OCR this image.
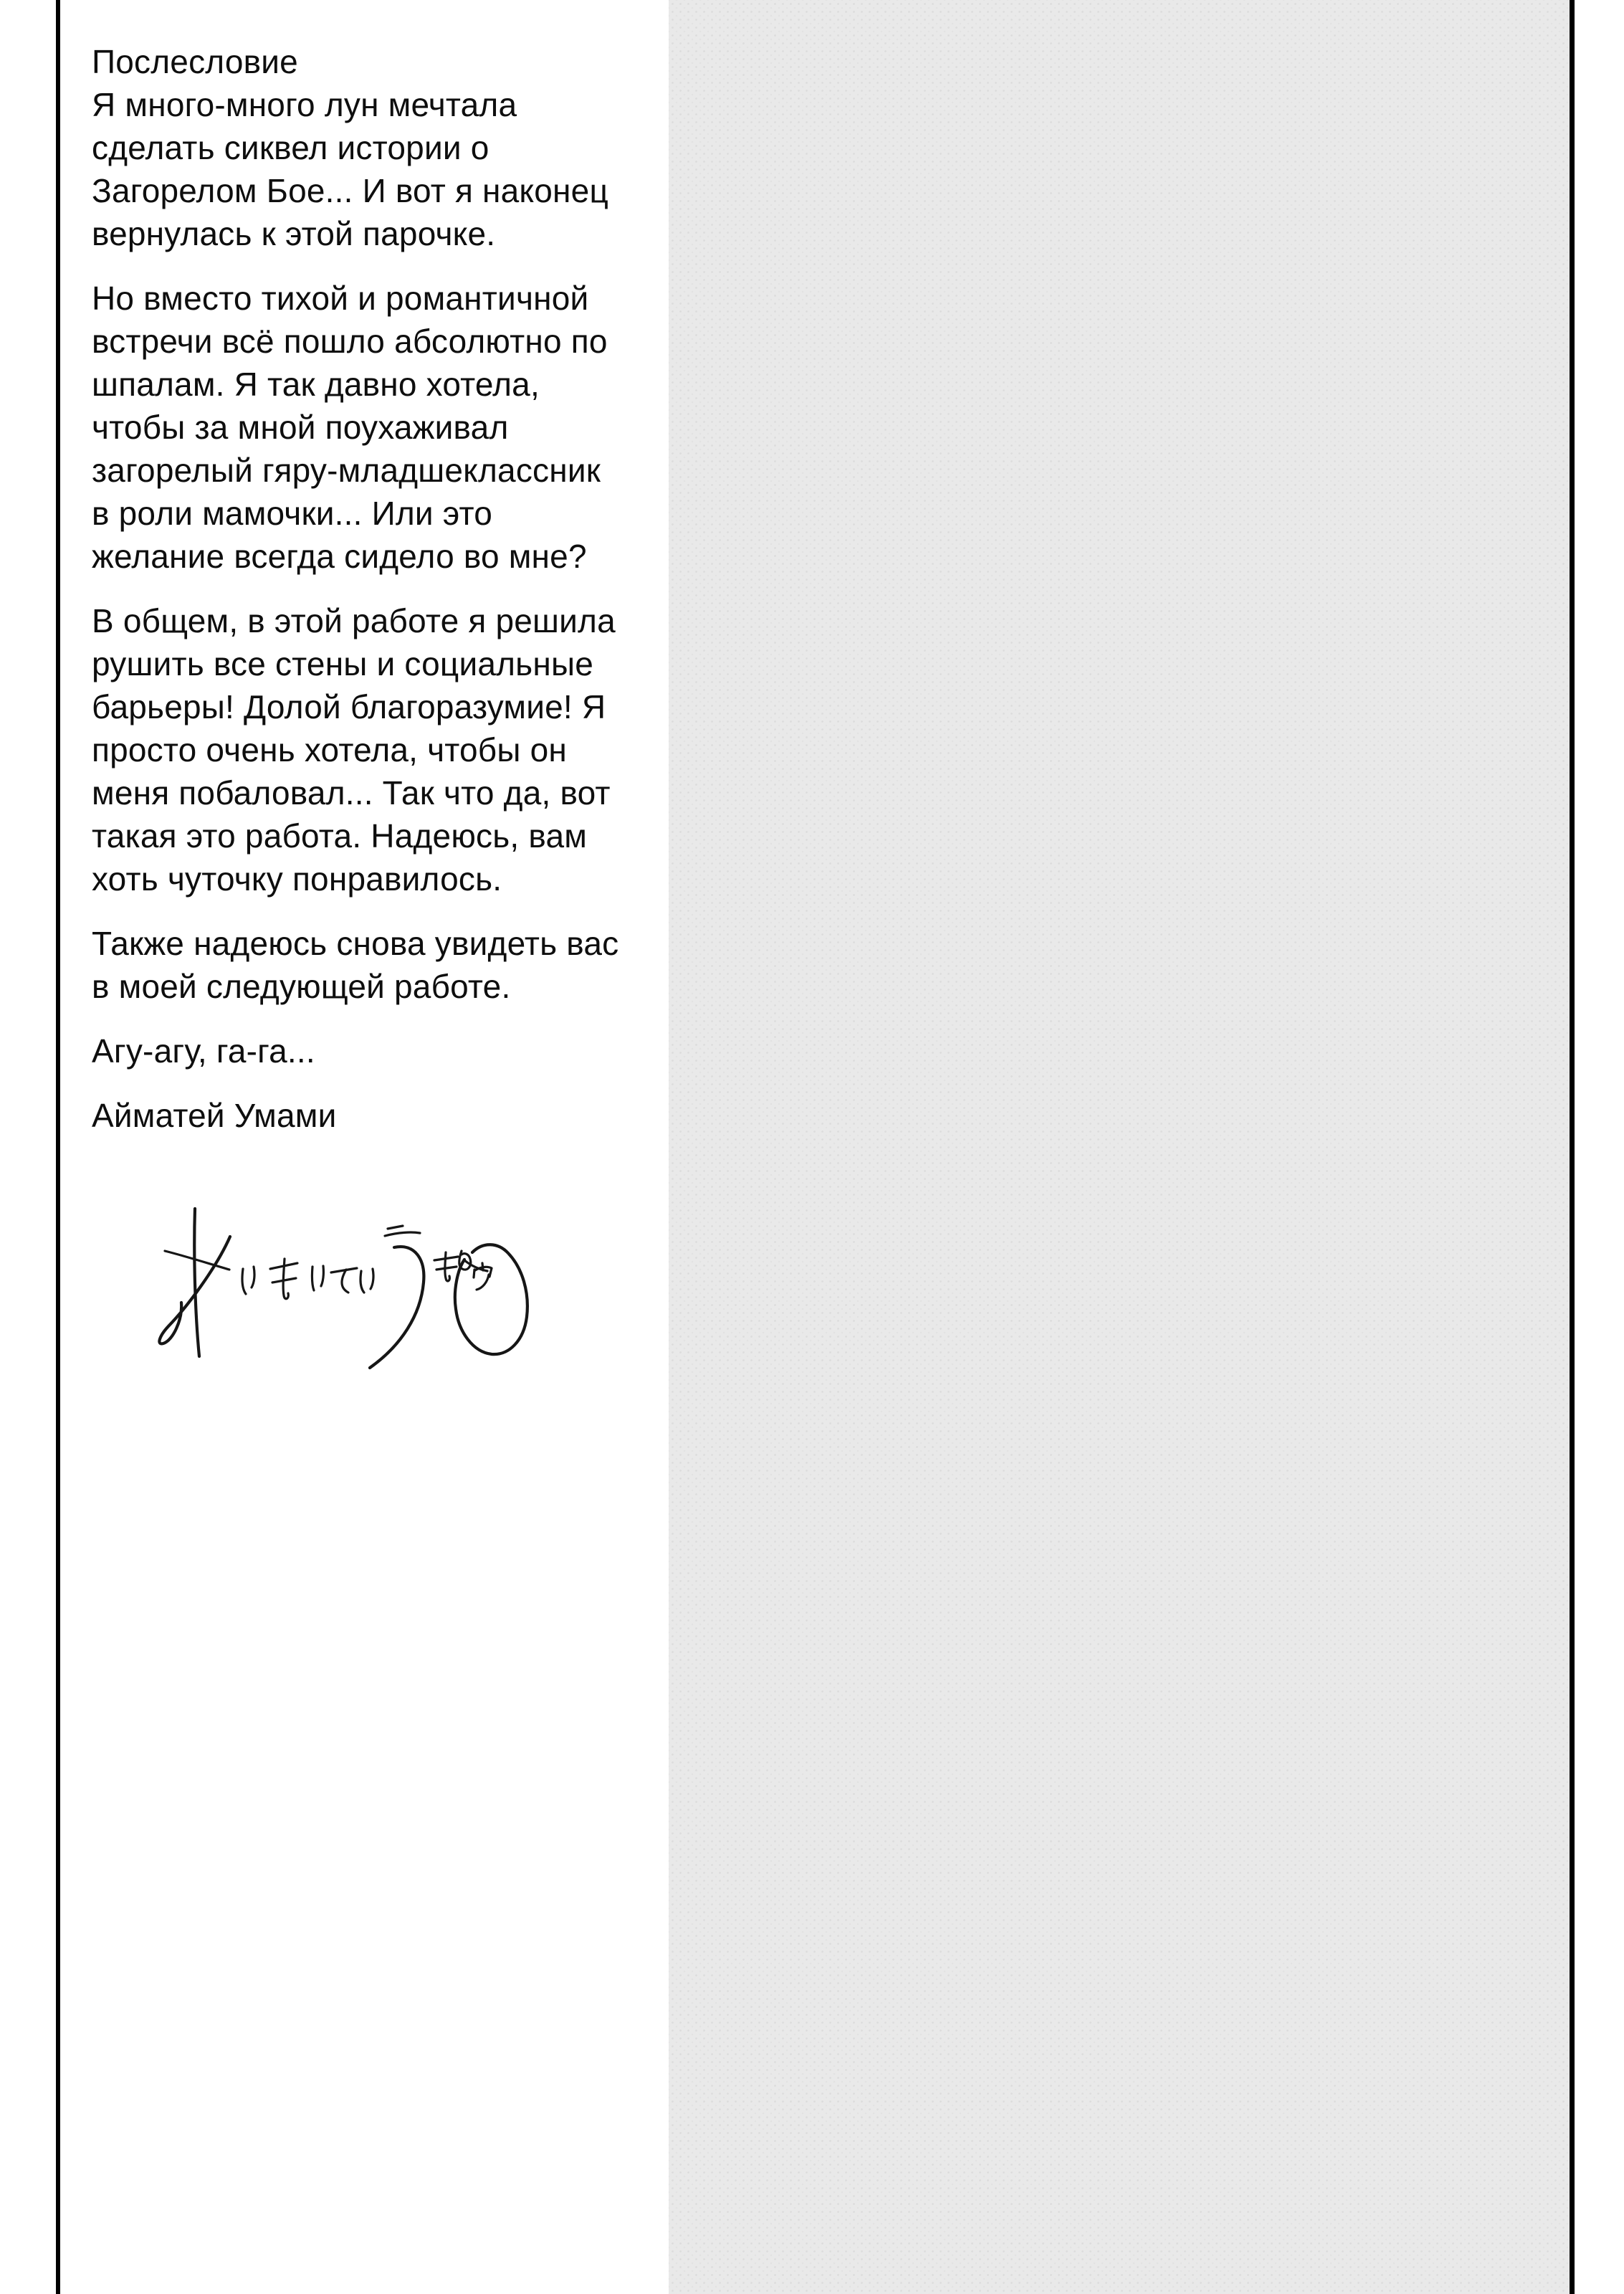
Послесловие

Я много-много лун мечтала
сделать сиквел истории о
Загорелом Бое... И вот я наконец
вернулась к этой парочке.

Но вместо тихой и романтичной
встречи всё пошло абсолютно по
шпалам. Я так давно хотела,
чтобы за мной поухаживал
загорелый гяру-младшеклассник
в роли мамочки... Или это
желание всегда сидело во мне?

В общем, в этой работе я решила
рушить все стены и социальные
барьеры! Долой благоразумие! Я
просто очень хотела, чтобы он
меня побаловал... Так что да, вот
такая это работа. Надеюсь, вам
хоть чуточку понравилось.

Также надеюсь снова увидеть вас
в моей следующей работе.

Агу-агу, га-га...

Айматей Умами
